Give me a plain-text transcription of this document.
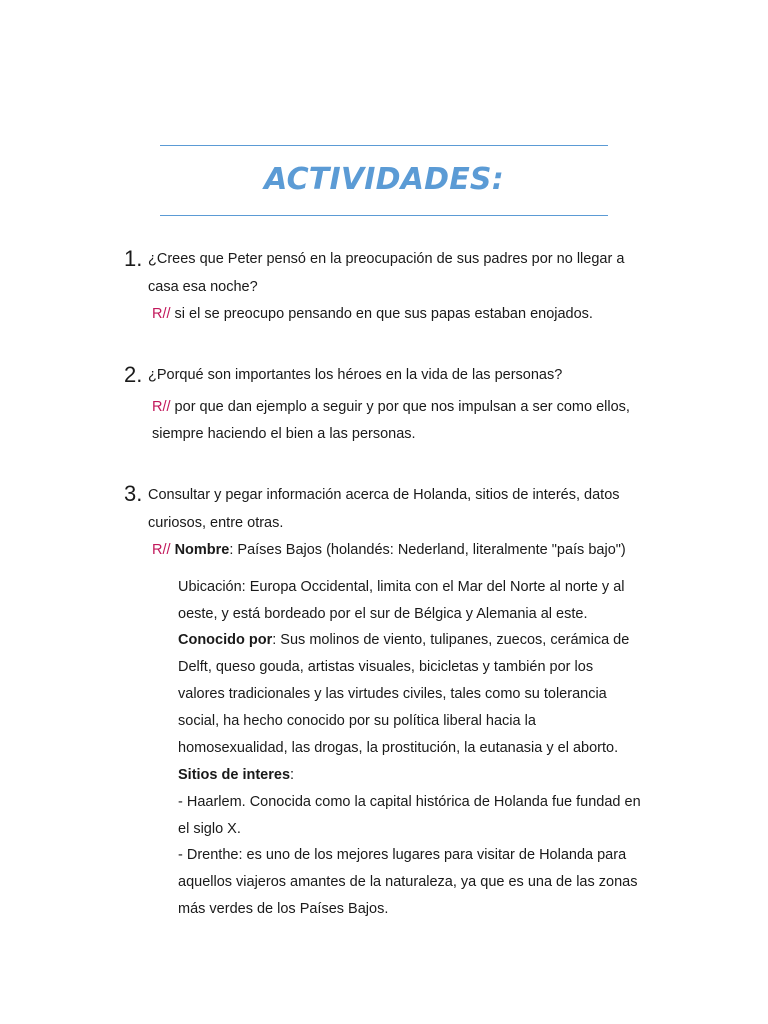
ACTIVIDADES:
1. ¿Crees que Peter pensó en la preocupación de sus padres por no llegar a
casa esa noche?
R// si el se preocupo pensando en que sus papas estaban enojados.
2. ¿Porqué son importantes los héroes en la vida de las personas?
R// por que dan ejemplo a seguir y por que nos impulsan a ser como ellos,
siempre haciendo el bien a las personas.
3. Consultar y pegar información acerca de Holanda, sitios de interés, datos
curiosos, entre otras.
R// Nombre: Países Bajos (holandés: Nederland, literalmente "país bajo")
Ubicación: Europa Occidental, limita con el Mar del Norte al norte y al
oeste, y está bordeado por el sur de Bélgica y Alemania al este.
Conocido por: Sus molinos de viento, tulipanes, zuecos, cerámica de
Delft, queso gouda, artistas visuales, bicicletas y también por los
valores tradicionales y las virtudes civiles, tales como su tolerancia
social, ha hecho conocido por su política liberal hacia la
homosexualidad, las drogas, la prostitución, la eutanasia y el aborto.
Sitios de interes:
- Haarlem. Conocida como la capital histórica de Holanda fue fundad en
el siglo X.
- Drenthe: es uno de los mejores lugares para visitar de Holanda para
aquellos viajeros amantes de la naturaleza, ya que es una de las zonas
más verdes de los Países Bajos.
